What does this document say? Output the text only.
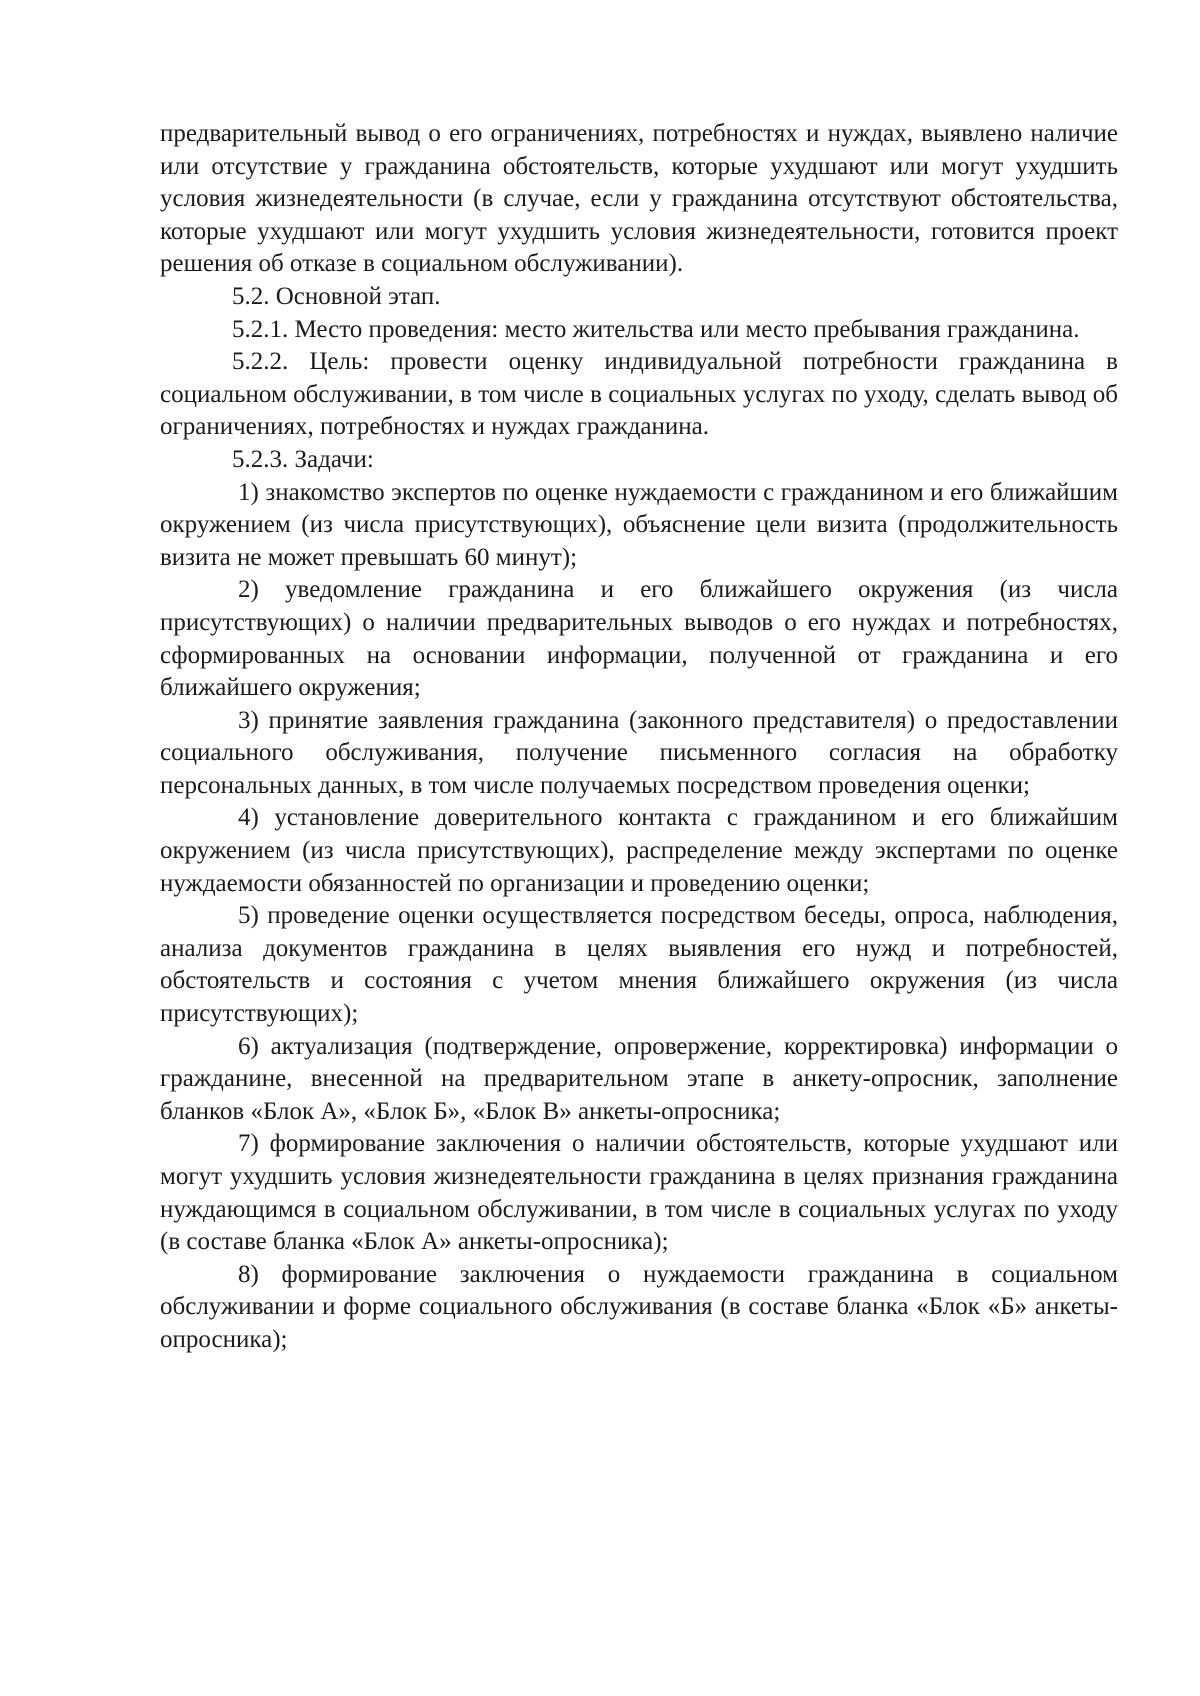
предварительный вывод о его ограничениях, потребностях и нуждах, выявлено наличие или отсутствие у гражданина обстоятельств, которые ухудшают или могут ухудшить условия жизнедеятельности (в случае, если у гражданина отсутствуют обстоятельства, которые ухудшают или могут ухудшить условия жизнедеятельности, готовится проект решения об отказе в социальном обслуживании).

5.2. Основной этап.

5.2.1. Место проведения: место жительства или место пребывания гражданина.

5.2.2. Цель: провести оценку индивидуальной потребности гражданина в социальном обслуживании, в том числе в социальных услугах по уходу, сделать вывод об ограничениях, потребностях и нуждах гражданина.

5.2.3. Задачи:

1) знакомство экспертов по оценке нуждаемости с гражданином и его ближайшим окружением (из числа присутствующих), объяснение цели визита (продолжительность визита не может превышать 60 минут);

2) уведомление гражданина и его ближайшего окружения (из числа присутствующих) о наличии предварительных выводов о его нуждах и потребностях, сформированных на основании информации, полученной от гражданина и его ближайшего окружения;

3) принятие заявления гражданина (законного представителя) о предоставлении социального обслуживания, получение письменного согласия на обработку персональных данных, в том числе получаемых посредством проведения оценки;

4) установление доверительного контакта с гражданином и его ближайшим окружением (из числа присутствующих), распределение между экспертами по оценке нуждаемости обязанностей по организации и проведению оценки;

5) проведение оценки осуществляется посредством беседы, опроса, наблюдения, анализа документов гражданина в целях выявления его нужд и потребностей, обстоятельств и состояния с учетом мнения ближайшего окружения (из числа присутствующих);

6) актуализация (подтверждение, опровержение, корректировка) информации о гражданине, внесенной на предварительном этапе в анкету-опросник, заполнение бланков «Блок А», «Блок Б», «Блок В» анкеты-опросника;

7) формирование заключения о наличии обстоятельств, которые ухудшают или могут ухудшить условия жизнедеятельности гражданина в целях признания гражданина нуждающимся в социальном обслуживании, в том числе в социальных услугах по уходу (в составе бланка «Блок А» анкеты-опросника);

8) формирование заключения о нуждаемости гражданина в социальном обслуживании и форме социального обслуживания (в составе бланка «Блок «Б» анкеты-опросника);
